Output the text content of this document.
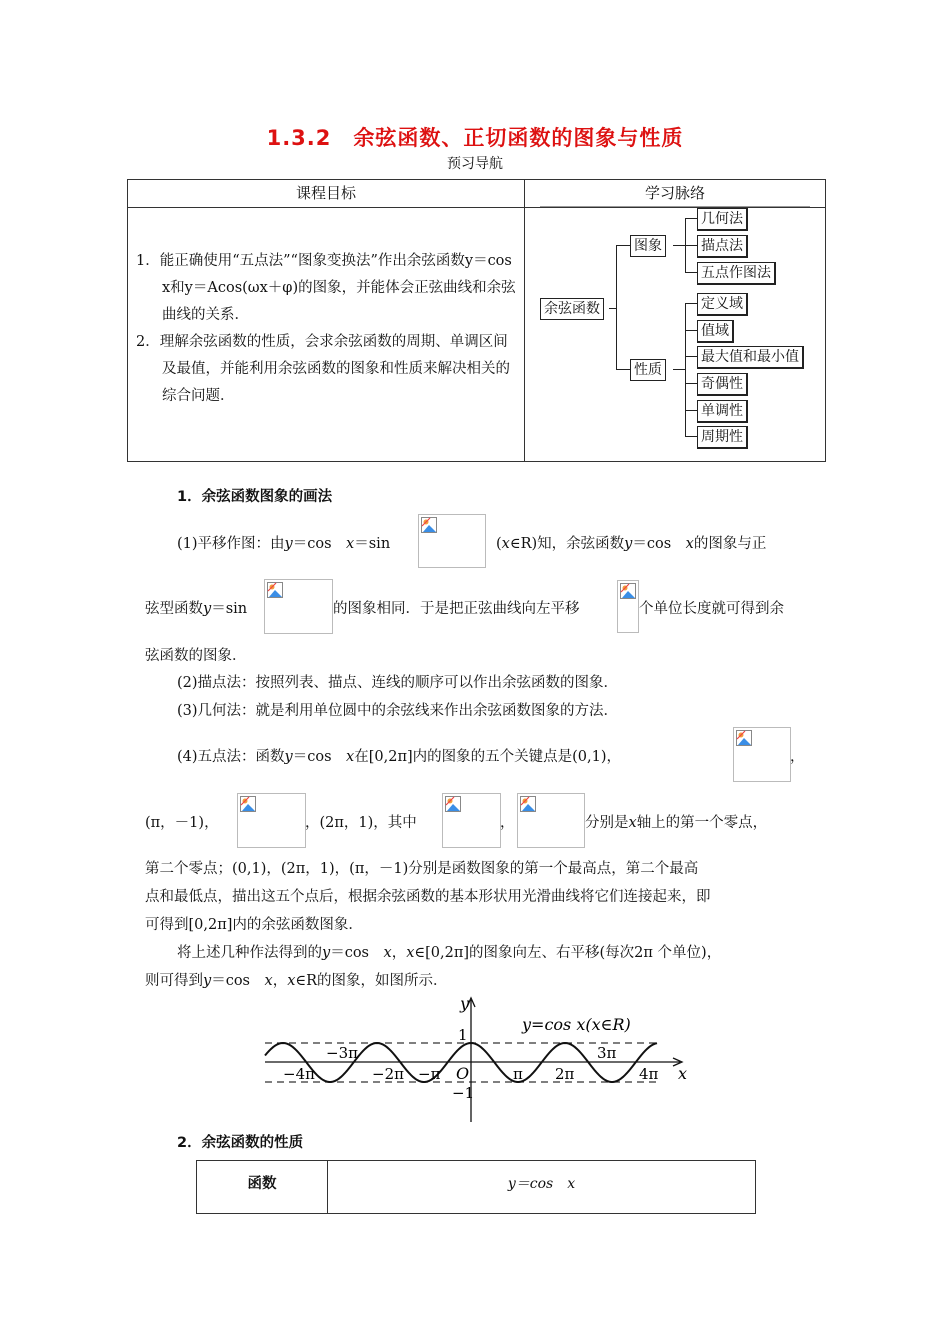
1.3.2　余弦函数、正切函数的图象与性质
预习导航
课程目标	学习脉络

1．能正确使用“五点法”“图象变换法”作出余弦函数y＝cos x和y＝Acos(ωx＋φ)的图象，并能体会正弦曲线和余弦曲线的关系．

2．理解余弦函数的性质，会求余弦函数的周期、单调区间及最值，并能利用余弦函数的图象和性质来解决相关的综合问题．

余弦函数
图象
性质
几何法
描点法
五点作图法
定义域
值域
最大值和最小值
奇偶性
单调性
周期性
1．余弦函数图象的画法
(1)平移作图：由y＝cos　x＝sin	(x∈R)知，余弦函数y＝cos　x的图象与正
弦型函数y＝sin	的图象相同．于是把正弦曲线向左平移	个单位长度就可得到余
弦函数的图象．
(2)描点法：按照列表、描点、连线的顺序可以作出余弦函数的图象．
(3)几何法：就是利用单位圆中的余弦线来作出余弦函数图象的方法．
(4)五点法：函数y＝cos　x在[0,2π]内的图象的五个关键点是(0,1)，	，
(π，－1)，	，(2π，1)，其中	，	分别是x轴上的第一个零点，
第二个零点；(0,1)，(2π，1)，(π，－1)分别是函数图象的第一个最高点，第二个最高
点和最低点，描出这五个点后，根据余弦函数的基本形状用光滑曲线将它们连接起来，即
可得到[0,2π]内的余弦函数图象．
将上述几种作法得到的y＝cos　x，x∈[0,2π]的图象向左、右平移(每次2π 个单位)，
则可得到y＝cos　x，x∈R的图象，如图所示．
y
x
O
1
−1
y=cos x(x∈R)
−4π	−2π −π	π 2π	4π
−3π	3π
2．余弦函数的性质
函数	y＝cos　x
